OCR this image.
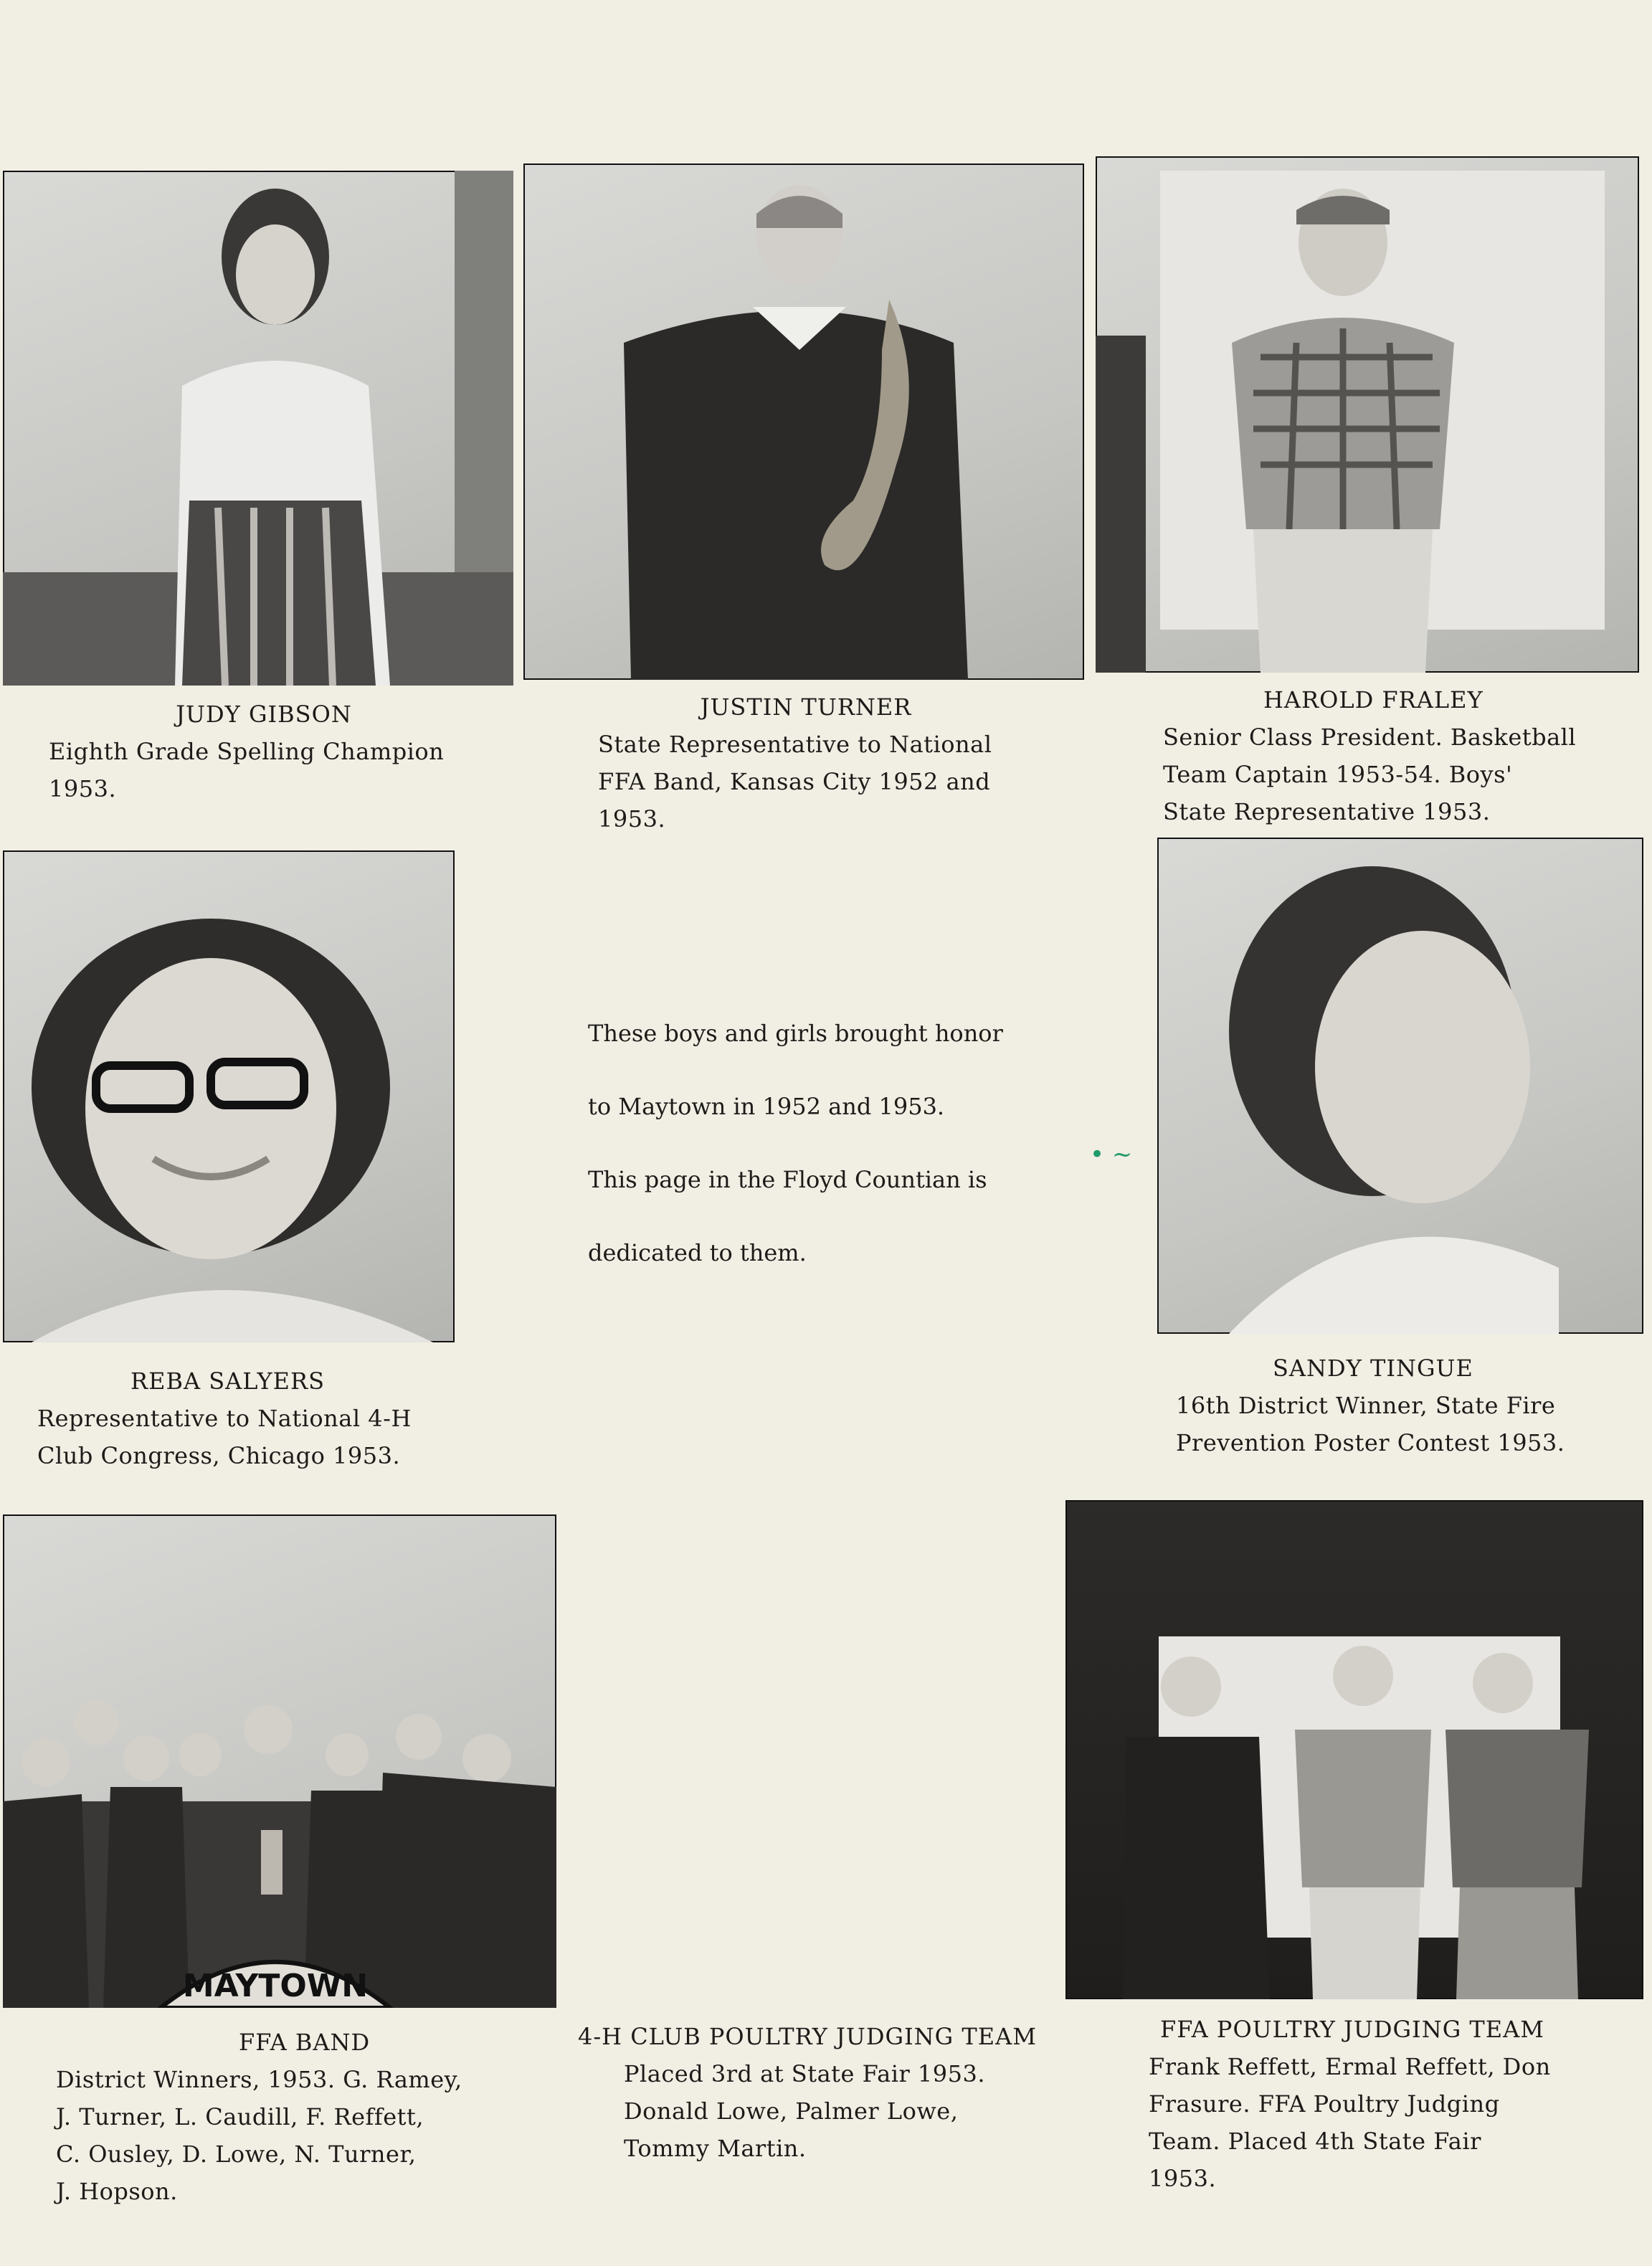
JUDY GIBSON
Eighth Grade Spelling Champion
1953.
JUSTIN TURNER
State Representative to National
FFA Band, Kansas City 1952 and
1953.
HAROLD FRALEY
Senior Class President. Basketball
Team Captain 1953-54. Boys'
State Representative 1953.
REBA SALYERS
Representative to National 4-H
Club Congress, Chicago 1953.
These boys and girls brought honor
to Maytown in 1952 and 1953.
This page in the Floyd Countian is
dedicated to them.
• ~
SANDY TINGUE
16th District Winner, State Fire
Prevention Poster Contest 1953.
MAYTOWN
FFA BAND
District Winners, 1953. G. Ramey,
J. Turner, L. Caudill, F. Reffett,
C. Ousley, D. Lowe, N. Turner,
J. Hopson.
4-H CLUB POULTRY JUDGING TEAM
Placed 3rd at State Fair 1953.
Donald Lowe, Palmer Lowe,
Tommy Martin.
FFA POULTRY JUDGING TEAM
Frank Reffett, Ermal Reffett, Don
Frasure. FFA Poultry Judging
Team. Placed 4th State Fair
1953.
